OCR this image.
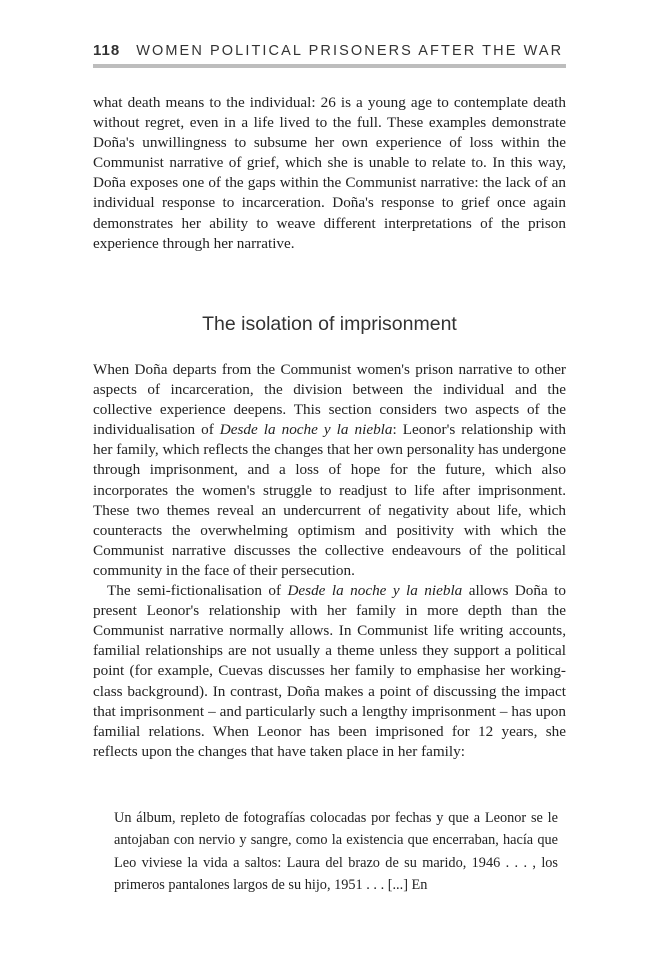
118 WOMEN POLITICAL PRISONERS AFTER THE WAR

what death means to the individual: 26 is a young age to contemplate death without regret, even in a life lived to the full. These examples demonstrate Doña's unwillingness to subsume her own experience of loss within the Communist narrative of grief, which she is unable to relate to. In this way, Doña exposes one of the gaps within the Communist narrative: the lack of an individual response to incarceration. Doña's response to grief once again demonstrates her ability to weave different interpretations of the prison experience through her narrative.

The isolation of imprisonment

When Doña departs from the Communist women's prison narrative to other aspects of incarceration, the division between the individual and the collective experience deepens. This section considers two aspects of the individualisation of Desde la noche y la niebla: Leonor's relationship with her family, which reflects the changes that her own personality has undergone through imprisonment, and a loss of hope for the future, which also incorporates the women's struggle to readjust to life after imprisonment. These two themes reveal an undercurrent of negativity about life, which counteracts the overwhelming optimism and positivity with which the Communist narrative discusses the collective endeavours of the political community in the face of their persecution.

The semi-fictionalisation of Desde la noche y la niebla allows Doña to present Leonor's relationship with her family in more depth than the Communist narrative normally allows. In Communist life writing accounts, familial relationships are not usually a theme unless they support a political point (for example, Cuevas discusses her family to emphasise her working-class background). In contrast, Doña makes a point of discussing the impact that imprisonment – and particularly such a lengthy imprisonment – has upon familial relations. When Leonor has been imprisoned for 12 years, she reflects upon the changes that have taken place in her family:

Un álbum, repleto de fotografías colocadas por fechas y que a Leonor se le antojaban con nervio y sangre, como la existencia que encerraban, hacía que Leo viviese la vida a saltos: Laura del brazo de su marido, 1946 . . . , los primeros pantalones largos de su hijo, 1951 . . . [...] En
